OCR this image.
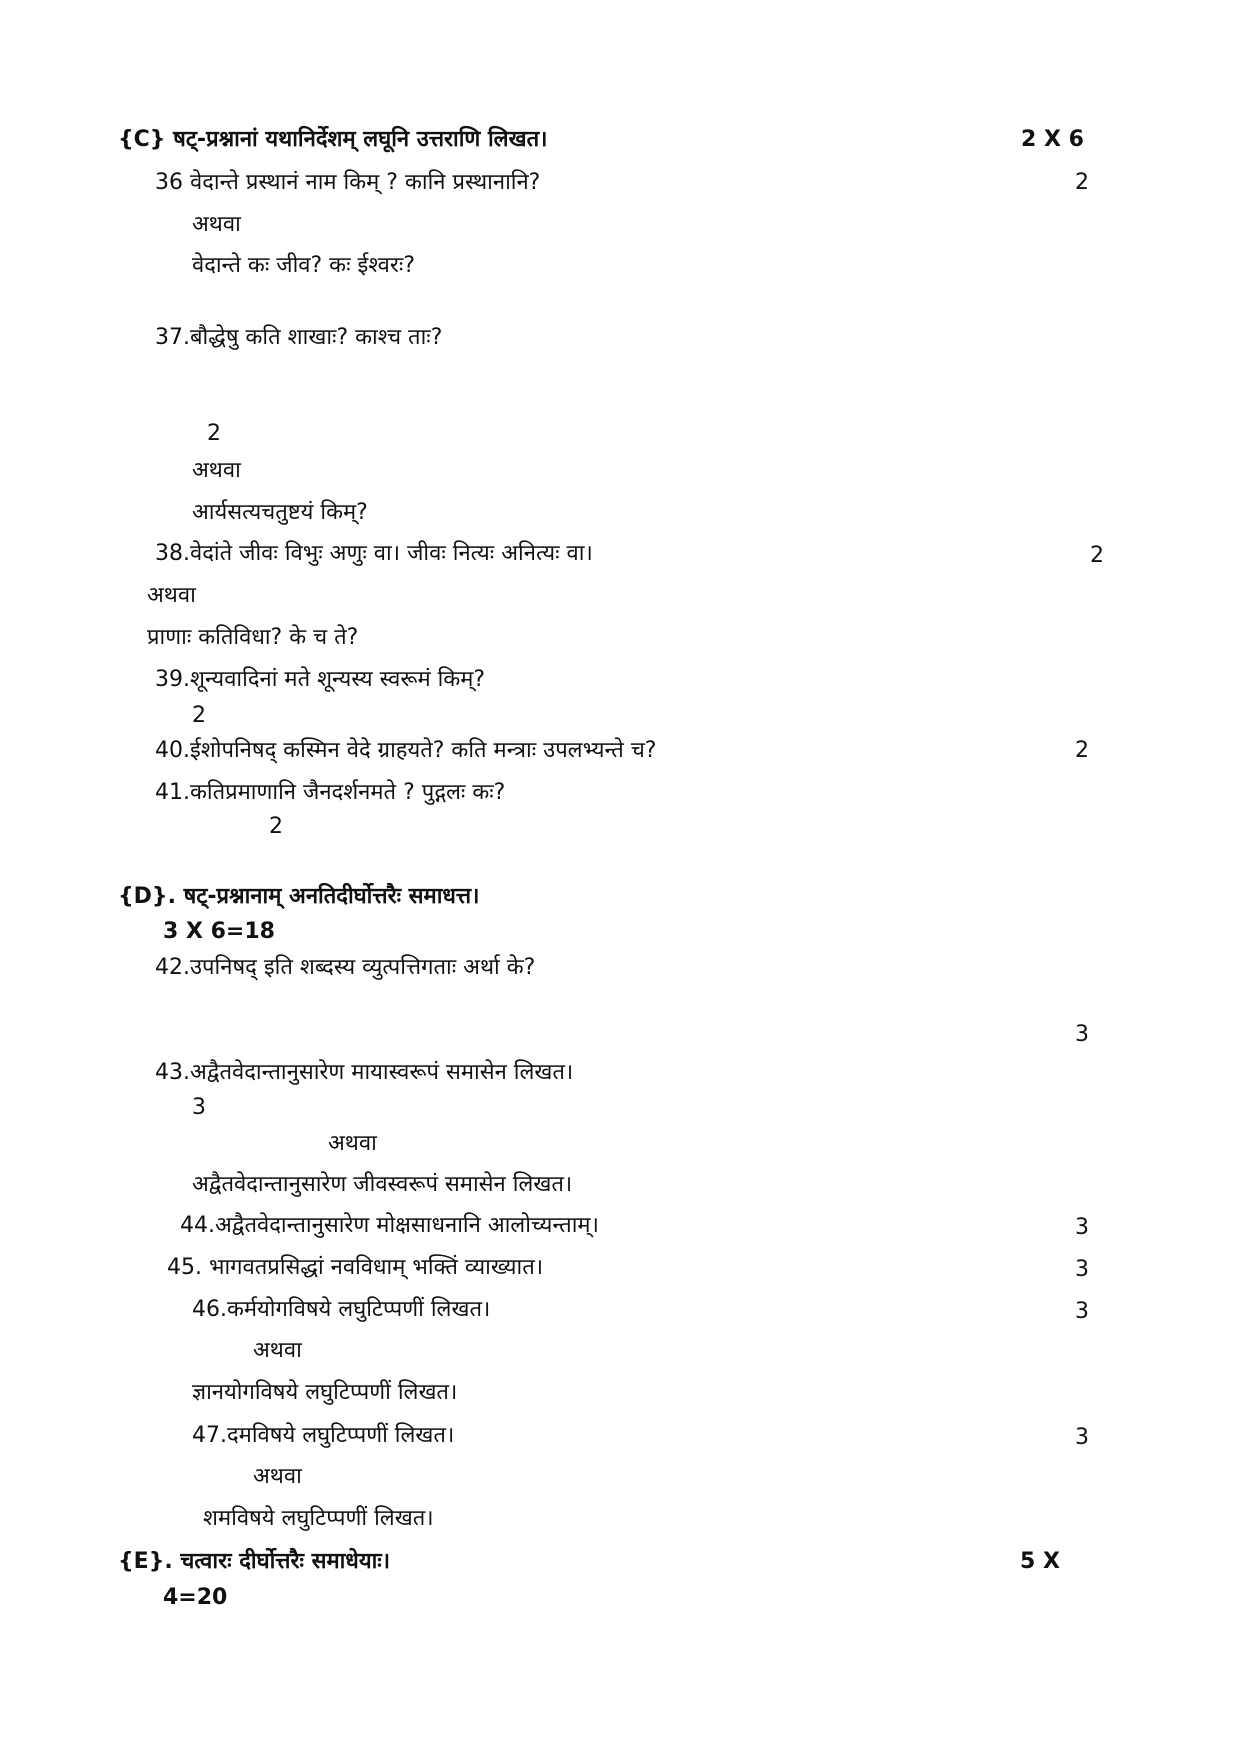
{C} षट्-प्रश्नानां यथानिर्देशम् लघूनि उत्तराणि लिखत।	2 X 6
36 वेदान्ते प्रस्थानं नाम किम् ? कानि प्रस्थानानि?	2
अथवा
वेदान्ते कः जीव? कः ईश्वरः?
37.बौद्धेषु कति शाखाः? काश्च ताः?
2
अथवा
आर्यसत्यचतुष्टयं किम्?
38.वेदांते जीवः विभुः अणुः वा। जीवः नित्यः अनित्यः वा।	2
अथवा
प्राणाः कतिविधा? के च ते?
39.शून्यवादिनां मते शून्यस्य स्वरूमं किम्?
2
40.ईशोपनिषद् कस्मिन वेदे ग्राहयते? कति मन्त्राः उपलभ्यन्ते च?	2
41.कतिप्रमाणानि जैनदर्शनमते ? पुद्गलः कः?
2
{D}. षट्-प्रश्नानाम् अनतिदीर्घोत्तरैः समाधत्त।
3 X 6=18
42.उपनिषद् इति शब्दस्य व्युत्पत्तिगताः अर्था के?
3
43.अद्वैतवेदान्तानुसारेण मायास्वरूपं समासेन लिखत।
3
अथवा
अद्वैतवेदान्तानुसारेण जीवस्वरूपं समासेन लिखत।
44.अद्वैतवेदान्तानुसारेण मोक्षसाधनानि आलोच्यन्ताम्।	3
45. भागवतप्रसिद्धां नवविधाम् भक्तिं व्याख्यात।	3
46.कर्मयोगविषये लघुटिप्पणीं लिखत।	3
अथवा
ज्ञानयोगविषये लघुटिप्पणीं लिखत।
47.दमविषये लघुटिप्पणीं लिखत।	3
अथवा
शमविषये लघुटिप्पणीं लिखत।
{E}. चत्वारः दीर्घोत्तरैः समाधेयाः।	5 X
4=20
